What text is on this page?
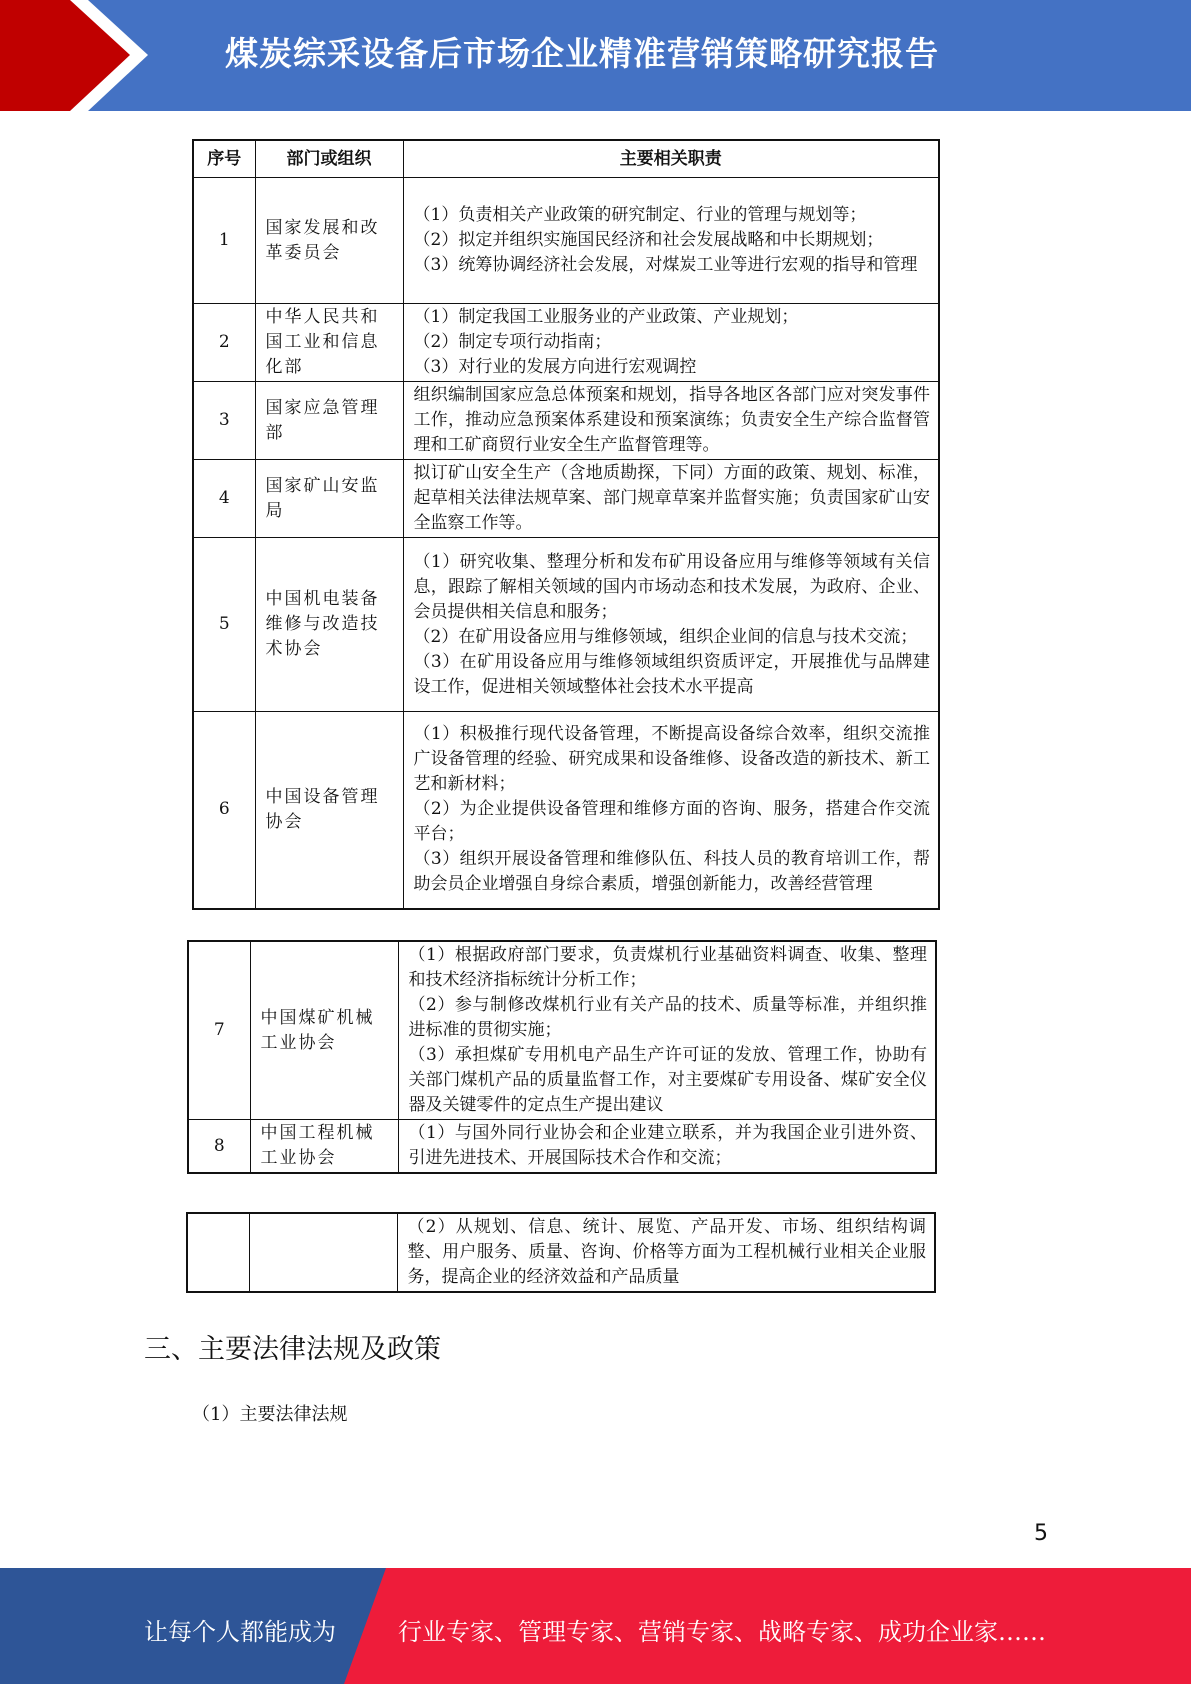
煤炭综采设备后市场企业精准营销策略研究报告
序号	部门或组织	主要相关职责
1	国家发展和改革委员会	（1）负责相关产业政策的研究制定、行业的管理与规划等；
（2）拟定并组织实施国民经济和社会发展战略和中长期规划；
（3）统筹协调经济社会发展，对煤炭工业等进行宏观的指导和管理

2	中华人民共和国工业和信息化部	（1）制定我国工业服务业的产业政策、产业规划；
（2）制定专项行动指南；
（3）对行业的发展方向进行宏观调控

3	国家应急管理部	组织编制国家应急总体预案和规划，指导各地区各部门应对突发事件工作，推动应急预案体系建设和预案演练；负责安全生产综合监督管理和工矿商贸行业安全生产监督管理等。

4	国家矿山安监局	拟订矿山安全生产（含地质勘探，下同）方面的政策、规划、标准，起草相关法律法规草案、部门规章草案并监督实施；负责国家矿山安全监察工作等。

5	中国机电装备维修与改造技术协会	（1）研究收集、整理分析和发布矿用设备应用与维修等领域有关信息，跟踪了解相关领域的国内市场动态和技术发展，为政府、企业、会员提供相关信息和服务；
（2）在矿用设备应用与维修领域，组织企业间的信息与技术交流；
（3）在矿用设备应用与维修领域组织资质评定，开展推优与品牌建设工作，促进相关领域整体社会技术水平提高

6	中国设备管理协会	（1）积极推行现代设备管理，不断提高设备综合效率，组织交流推广设备管理的经验、研究成果和设备维修、设备改造的新技术、新工艺和新材料；
（2）为企业提供设备管理和维修方面的咨询、服务，搭建合作交流平台；
（3）组织开展设备管理和维修队伍、科技人员的教育培训工作，帮助会员企业增强自身综合素质，增强创新能力，改善经营管理
7	中国煤矿机械工业协会	（1）根据政府部门要求，负责煤机行业基础资料调查、收集、整理和技术经济指标统计分析工作；
（2）参与制修改煤机行业有关产品的技术、质量等标准，并组织推进标准的贯彻实施；
（3）承担煤矿专用机电产品生产许可证的发放、管理工作，协助有关部门煤机产品的质量监督工作，对主要煤矿专用设备、煤矿安全仪器及关键零件的定点生产提出建议

8	中国工程机械工业协会	（1）与国外同行业协会和企业建立联系，并为我国企业引进外资、引进先进技术、开展国际技术合作和交流；

（2）从规划、信息、统计、展览、产品开发、市场、组织结构调整、用户服务、质量、咨询、价格等方面为工程机械行业相关企业服务，提高企业的经济效益和产品质量
三、主要法律法规及政策
（1）主要法律法规
5
让每个人都能成为	行业专家、管理专家、营销专家、战略专家、成功企业家……
